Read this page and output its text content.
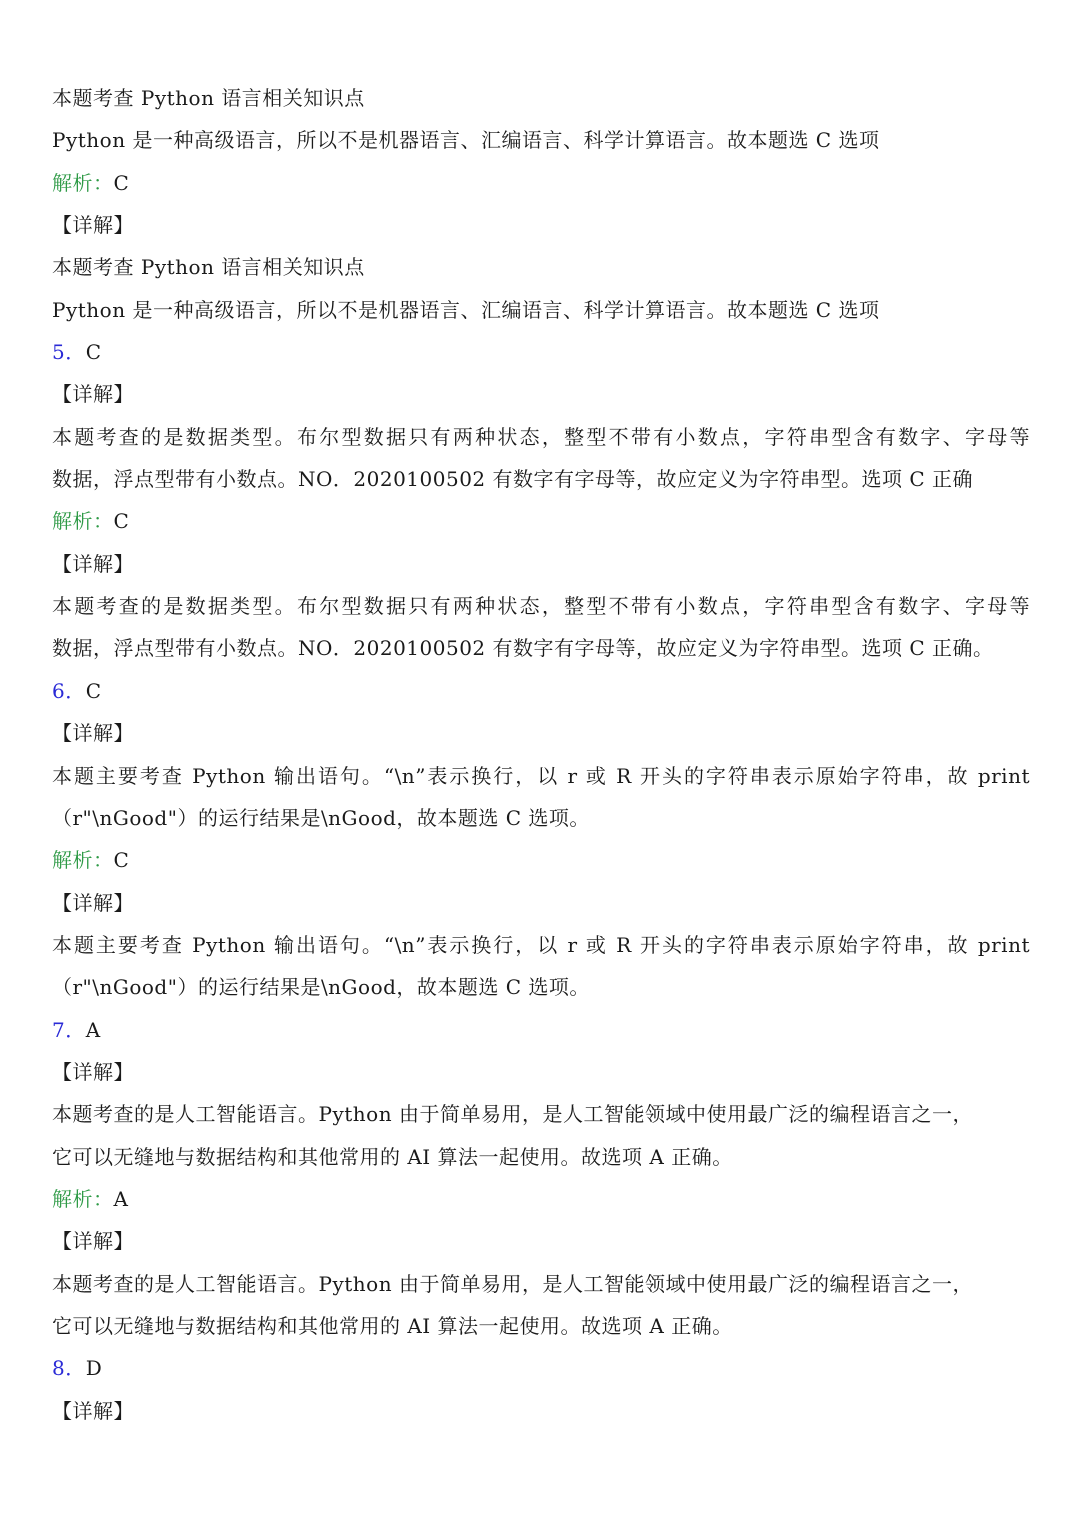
本题考查 Python 语言相关知识点
Python 是一种高级语言，所以不是机器语言、汇编语言、科学计算语言。故本题选 C 选项
解析：C
【详解】
本题考查 Python 语言相关知识点
Python 是一种高级语言，所以不是机器语言、汇编语言、科学计算语言。故本题选 C 选项
5．C
【详解】
本题考查的是数据类型。布尔型数据只有两种状态，整型不带有小数点，字符串型含有数字、字母等
数据，浮点型带有小数点。NO．2020100502 有数字有字母等，故应定义为字符串型。选项 C 正确
解析：C
【详解】
本题考查的是数据类型。布尔型数据只有两种状态，整型不带有小数点，字符串型含有数字、字母等
数据，浮点型带有小数点。NO．2020100502 有数字有字母等，故应定义为字符串型。选项 C 正确。
6．C
【详解】
本题主要考查 Python 输出语句。“\n”表示换行，以 r 或 R 开头的字符串表示原始字符串，故 print
（r"\nGood"）的运行结果是\nGood，故本题选 C 选项。
解析：C
【详解】
本题主要考查 Python 输出语句。“\n”表示换行，以 r 或 R 开头的字符串表示原始字符串，故 print
（r"\nGood"）的运行结果是\nGood，故本题选 C 选项。
7．A
【详解】
本题考查的是人工智能语言。Python 由于简单易用，是人工智能领域中使用最广泛的编程语言之一，
它可以无缝地与数据结构和其他常用的 AI 算法一起使用。故选项 A 正确。
解析：A
【详解】
本题考查的是人工智能语言。Python 由于简单易用，是人工智能领域中使用最广泛的编程语言之一，
它可以无缝地与数据结构和其他常用的 AI 算法一起使用。故选项 A 正确。
8．D
【详解】
